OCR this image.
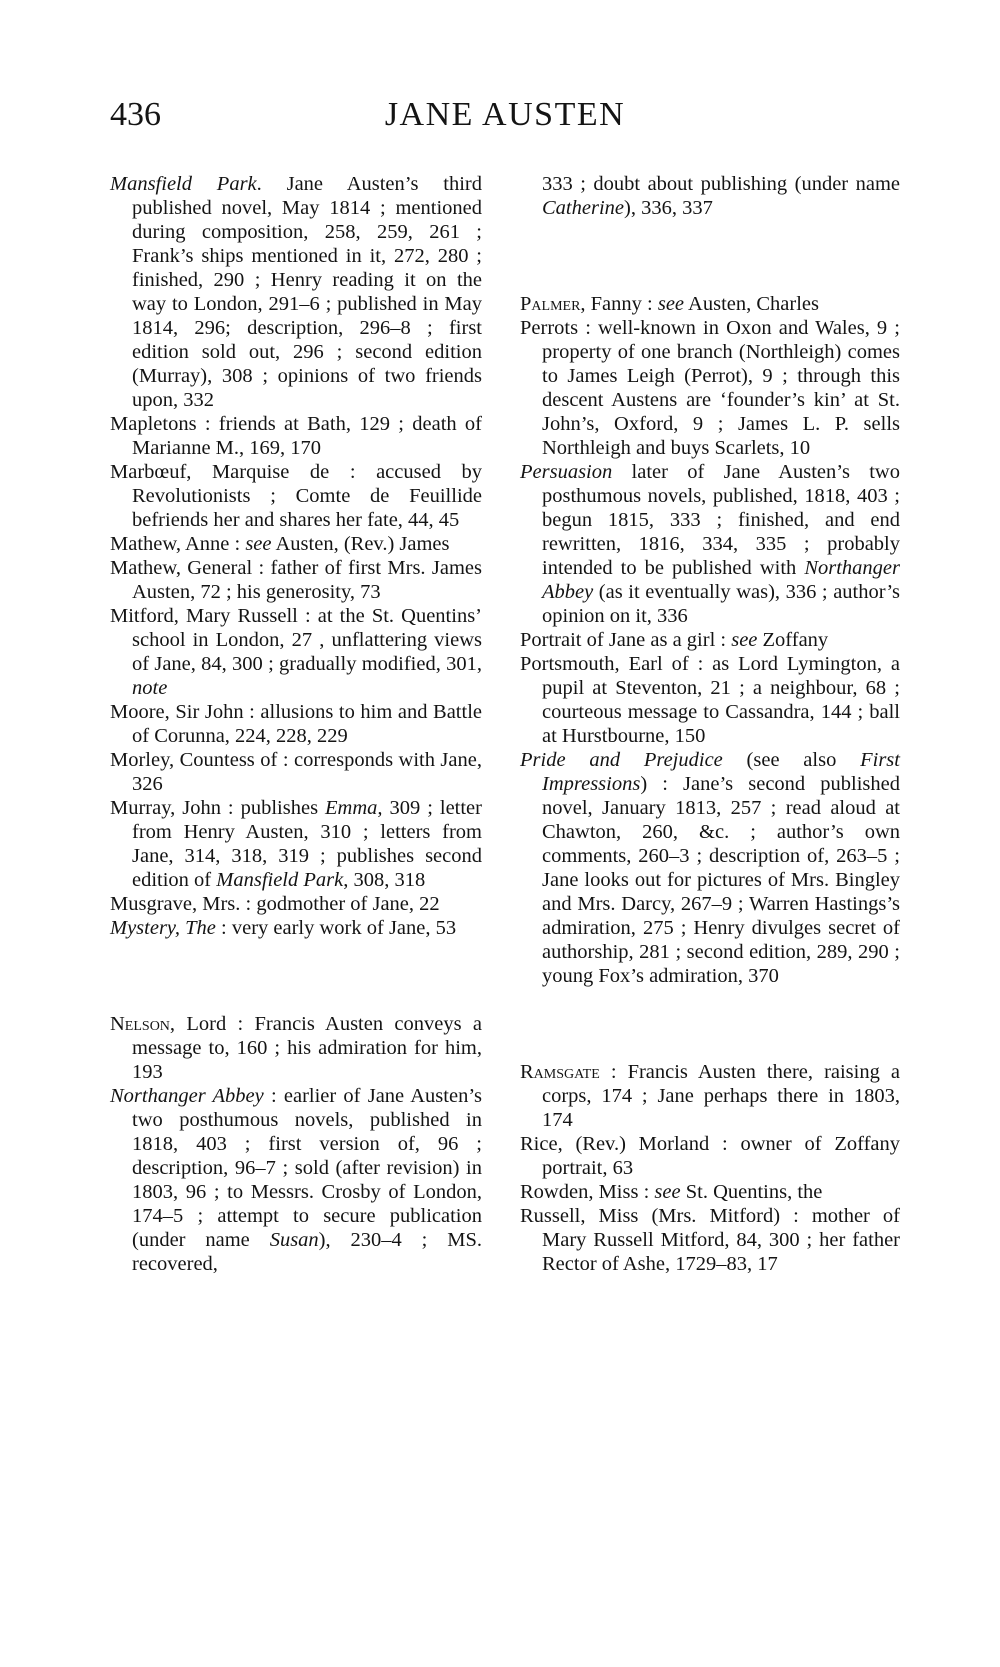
436	JANE AUSTEN

Mansfield Park. Jane Austen’s third published novel, May 1814 ; mentioned during composition, 258, 259, 261 ; Frank’s ships mentioned in it, 272, 280 ; finished, 290 ; Henry reading it on the way to London, 291–6 ; published in May 1814, 296; description, 296–8 ; first edition sold out, 296 ; second edition (Murray), 308 ; opinions of two friends upon, 332

Mapletons : friends at Bath, 129 ; death of Marianne M., 169, 170

Marbœuf, Marquise de : accused by Revolutionists ; Comte de Feuillide befriends her and shares her fate, 44, 45

Mathew, Anne : see Austen, (Rev.) James

Mathew, General : father of first Mrs. James Austen, 72 ; his generosity, 73

Mitford, Mary Russell : at the St. Quentins’ school in London, 27 , unflattering views of Jane, 84, 300 ; gradually modified, 301, note

Moore, Sir John : allusions to him and Battle of Corunna, 224, 228, 229

Morley, Countess of : corresponds with Jane, 326

Murray, John : publishes Emma, 309 ; letter from Henry Austen, 310 ; letters from Jane, 314, 318, 319 ; publishes second edition of Mansfield Park, 308, 318

Musgrave, Mrs. : godmother of Jane, 22

Mystery, The : very early work of Jane, 53

Nelson, Lord : Francis Austen conveys a message to, 160 ; his admiration for him, 193

Northanger Abbey : earlier of Jane Austen’s two posthumous novels, published in 1818, 403 ; first version of, 96 ; description, 96–7 ; sold (after revision) in 1803, 96 ; to Messrs. Crosby of London, 174–5 ; attempt to secure publication (under name Susan), 230–4 ; MS. recovered,

333 ; doubt about publishing (under name Catherine), 336, 337

Palmer, Fanny : see Austen, Charles

Perrots : well-known in Oxon and Wales, 9 ; property of one branch (Northleigh) comes to James Leigh (Perrot), 9 ; through this descent Austens are ‘founder’s kin’ at St. John’s, Oxford, 9 ; James L. P. sells Northleigh and buys Scarlets, 10

Persuasion later of Jane Austen’s two posthumous novels, published, 1818, 403 ; begun 1815, 333 ; finished, and end rewritten, 1816, 334, 335 ; probably intended to be published with Northanger Abbey (as it eventually was), 336 ; author’s opinion on it, 336

Portrait of Jane as a girl : see Zoffany

Portsmouth, Earl of : as Lord Lymington, a pupil at Steventon, 21 ; a neighbour, 68 ; courteous message to Cassandra, 144 ; ball at Hurstbourne, 150

Pride and Prejudice (see also First Impressions) : Jane’s second published novel, January 1813, 257 ; read aloud at Chawton, 260, &c. ; author’s own comments, 260–3 ; description of, 263–5 ; Jane looks out for pictures of Mrs. Bingley and Mrs. Darcy, 267–9 ; Warren Hastings’s admiration, 275 ; Henry divulges secret of authorship, 281 ; second edition, 289, 290 ; young Fox’s admiration, 370

Ramsgate : Francis Austen there, raising a corps, 174 ; Jane perhaps there in 1803, 174

Rice, (Rev.) Morland : owner of Zoffany portrait, 63

Rowden, Miss : see St. Quentins, the

Russell, Miss (Mrs. Mitford) : mother of Mary Russell Mitford, 84, 300 ; her father Rector of Ashe, 1729–83, 17
